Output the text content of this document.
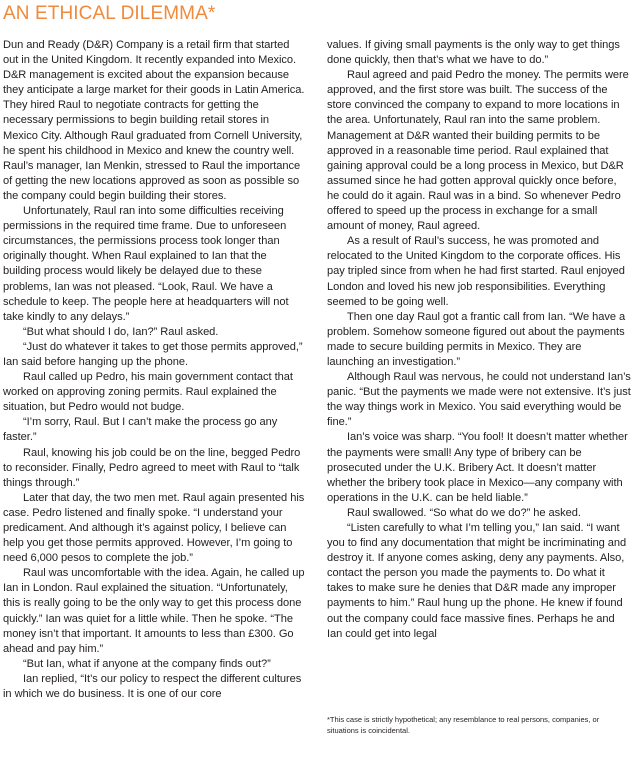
AN ETHICAL DILEMMA*

Dun and Ready (D&R) Company is a retail firm that started out in the United Kingdom. It recently expanded into Mexico. D&R management is excited about the expansion because they anticipate a large market for their goods in Latin America. They hired Raul to negotiate contracts for getting the necessary permissions to begin building retail stores in Mexico City. Although Raul graduated from Cornell University, he spent his childhood in Mexico and knew the country well. Raul’s manager, Ian Menkin, stressed to Raul the importance of getting the new locations approved as soon as possible so the company could begin building their stores.

Unfortunately, Raul ran into some difficulties receiving permissions in the required time frame. Due to unforeseen circumstances, the permissions process took longer than originally thought. When Raul explained to Ian that the building process would likely be delayed due to these problems, Ian was not pleased. “Look, Raul. We have a schedule to keep. The people here at headquarters will not take kindly to any delays.”

“But what should I do, Ian?” Raul asked.

“Just do whatever it takes to get those permits approved,” Ian said before hanging up the phone.

Raul called up Pedro, his main government contact that worked on approving zoning permits. Raul explained the situation, but Pedro would not budge.

“I’m sorry, Raul. But I can’t make the process go any faster.”

Raul, knowing his job could be on the line, begged Pedro to reconsider. Finally, Pedro agreed to meet with Raul to “talk things through.”

Later that day, the two men met. Raul again presented his case. Pedro listened and finally spoke. “I understand your predicament. And although it’s against policy, I believe can help you get those permits approved. However, I’m going to need 6,000 pesos to complete the job.”

Raul was uncomfortable with the idea. Again, he called up Ian in London. Raul explained the situation. “Unfortunately, this is really going to be the only way to get this process done quickly.” Ian was quiet for a little while. Then he spoke. “The money isn’t that important. It amounts to less than £300. Go ahead and pay him.”

“But Ian, what if anyone at the company finds out?”

Ian replied, “It’s our policy to respect the different cultures in which we do business. It is one of our core

values. If giving small payments is the only way to get things done quickly, then that’s what we have to do.”

Raul agreed and paid Pedro the money. The permits were approved, and the first store was built. The success of the store convinced the company to expand to more locations in the area. Unfortunately, Raul ran into the same problem. Management at D&R wanted their building permits to be approved in a reasonable time period. Raul explained that gaining approval could be a long process in Mexico, but D&R assumed since he had gotten approval quickly once before, he could do it again. Raul was in a bind. So whenever Pedro offered to speed up the process in exchange for a small amount of money, Raul agreed.

As a result of Raul’s success, he was promoted and relocated to the United Kingdom to the corporate offices. His pay tripled since from when he had first started. Raul enjoyed London and loved his new job responsibilities. Everything seemed to be going well.

Then one day Raul got a frantic call from Ian. “We have a problem. Somehow someone figured out about the payments made to secure building permits in Mexico. They are launching an investigation.”

Although Raul was nervous, he could not understand Ian’s panic. “But the payments we made were not extensive. It’s just the way things work in Mexico. You said everything would be fine.”

Ian’s voice was sharp. “You fool! It doesn’t matter whether the payments were small! Any type of bribery can be prosecuted under the U.K. Bribery Act. It doesn’t matter whether the bribery took place in Mexico—any company with operations in the U.K. can be held liable.”

Raul swallowed. “So what do we do?” he asked.

“Listen carefully to what I’m telling you,” Ian said. “I want you to find any documentation that might be incriminating and destroy it. If anyone comes asking, deny any payments. Also, contact the person you made the payments to. Do what it takes to make sure he denies that D&R made any improper payments to him.” Raul hung up the phone. He knew if found out the company could face massive fines. Perhaps he and Ian could get into legal

*This case is strictly hypothetical; any resemblance to real persons, companies, or situations is coincidental.
